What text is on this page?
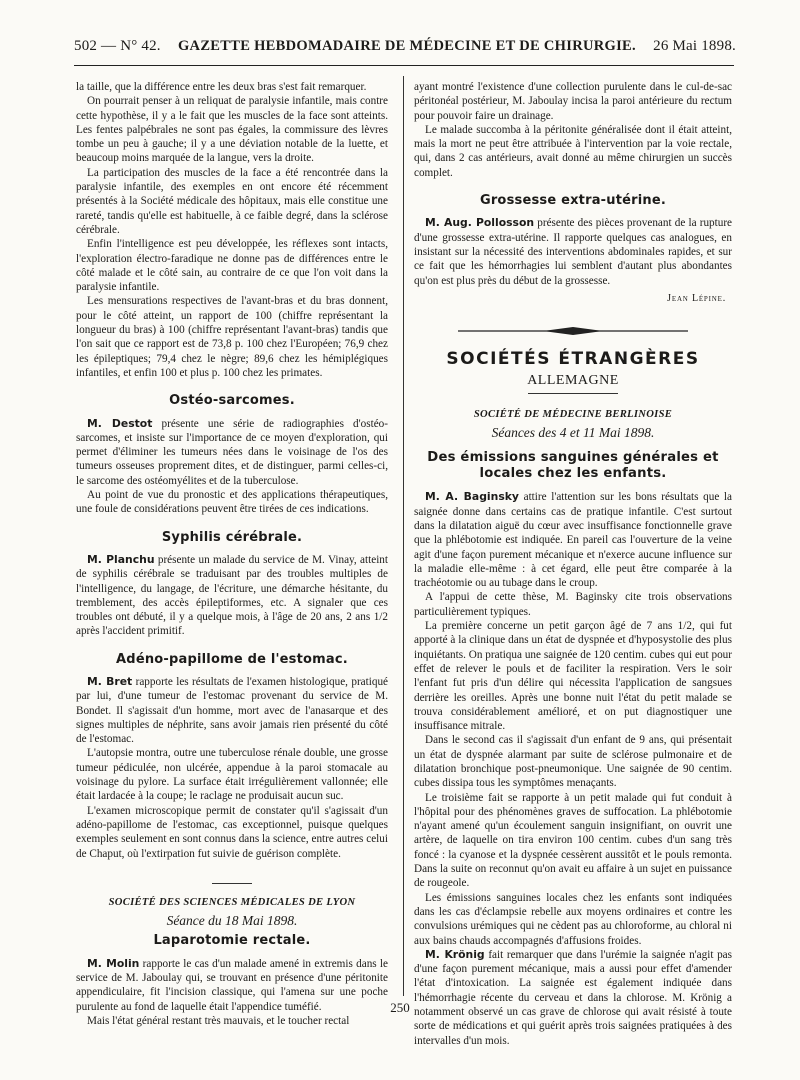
502 — N° 42. GAZETTE HEBDOMADAIRE DE MÉDECINE ET DE CHIRURGIE. 26 Mai 1898.

la taille, que la différence entre les deux bras s'est fait remarquer.

On pourrait penser à un reliquat de paralysie infantile, mais contre cette hypothèse, il y a le fait que les muscles de la face sont atteints. Les fentes palpébrales ne sont pas égales, la commissure des lèvres tombe un peu à gauche; il y a une déviation notable de la luette, et beaucoup moins marquée de la langue, vers la droite.

La participation des muscles de la face a été rencontrée dans la paralysie infantile, des exemples en ont encore été récemment présentés à la Société médicale des hôpitaux, mais elle constitue une rareté, tandis qu'elle est habituelle, à ce faible degré, dans la sclérose cérébrale.

Enfin l'intelligence est peu développée, les réflexes sont intacts, l'exploration électro-faradique ne donne pas de différences entre le côté malade et le côté sain, au contraire de ce que l'on voit dans la paralysie infantile.

Les mensurations respectives de l'avant-bras et du bras donnent, pour le côté atteint, un rapport de 100 (chiffre représentant la longueur du bras) à 100 (chiffre représentant l'avant-bras) tandis que l'on sait que ce rapport est de 73,8 p. 100 chez l'Européen; 76,9 chez les épileptiques; 79,4 chez le nègre; 89,6 chez les hémiplégiques infantiles, et enfin 100 et plus p. 100 chez les primates.

Ostéo-sarcomes.

M. Destot présente une série de radiographies d'ostéo-sarcomes, et insiste sur l'importance de ce moyen d'exploration, qui permet d'éliminer les tumeurs nées dans le voisinage de l'os des tumeurs osseuses proprement dites, et de distinguer, parmi celles-ci, le sarcome des ostéomyélites et de la tuberculose.

Au point de vue du pronostic et des applications thérapeutiques, une foule de considérations peuvent être tirées de ces indications.

Syphilis cérébrale.

M. Planchu présente un malade du service de M. Vinay, atteint de syphilis cérébrale se traduisant par des troubles multiples de l'intelligence, du langage, de l'écriture, une démarche hésitante, du tremblement, des accès épileptiformes, etc. A signaler que ces troubles ont débuté, il y a quelque mois, à l'âge de 20 ans, 2 ans 1/2 après l'accident primitif.

Adéno-papillome de l'estomac.

M. Bret rapporte les résultats de l'examen histologique, pratiqué par lui, d'une tumeur de l'estomac provenant du service de M. Bondet. Il s'agissait d'un homme, mort avec de l'anasarque et des signes multiples de néphrite, sans avoir jamais rien présenté du côté de l'estomac.

L'autopsie montra, outre une tuberculose rénale double, une grosse tumeur pédiculée, non ulcérée, appendue à la paroi stomacale au voisinage du pylore. La surface était irrégulièrement vallonnée; elle était lardacée à la coupe; le raclage ne produisait aucun suc.

L'examen microscopique permit de constater qu'il s'agissait d'un adéno-papillome de l'estomac, cas exceptionnel, puisque quelques exemples seulement en sont connus dans la science, entre autres celui de Chaput, où l'extirpation fut suivie de guérison complète.

SOCIÉTÉ DES SCIENCES MÉDICALES DE LYON
Séance du 18 Mai 1898.
Laparotomie rectale.

M. Molin rapporte le cas d'un malade amené in extremis dans le service de M. Jaboulay qui, se trouvant en présence d'une péritonite appendiculaire, fit l'incision classique, qui l'amena sur une poche purulente au fond de laquelle était l'appendice tuméfié.

Mais l'état général restant très mauvais, et le toucher rectal

ayant montré l'existence d'une collection purulente dans le cul-de-sac péritonéal postérieur, M. Jaboulay incisa la paroi antérieure du rectum pour pouvoir faire un drainage.

Le malade succomba à la péritonite généralisée dont il était atteint, mais la mort ne peut être attribuée à l'intervention par la voie rectale, qui, dans 2 cas antérieurs, avait donné au même chirurgien un succès complet.

Grossesse extra-utérine.

M. Aug. Pollosson présente des pièces provenant de la rupture d'une grossesse extra-utérine. Il rapporte quelques cas analogues, en insistant sur la nécessité des interventions abdominales rapides, et sur ce fait que les hémorrhagies lui semblent d'autant plus abondantes qu'on est plus près du début de la grossesse.

Jean Lépine.
SOCIÉTÉS ÉTRANGÈRES
ALLEMAGNE
SOCIÉTÉ DE MÉDECINE BERLINOISE
Séances des 4 et 11 Mai 1898.
Des émissions sanguines générales et locales chez les enfants.

M. A. Baginsky attire l'attention sur les bons résultats que la saignée donne dans certains cas de pratique infantile. C'est surtout dans la dilatation aiguë du cœur avec insuffisance fonctionnelle grave que la phlébotomie est indiquée. En pareil cas l'ouverture de la veine agit d'une façon purement mécanique et n'exerce aucune influence sur la maladie elle-même : à cet égard, elle peut être comparée à la trachéotomie ou au tubage dans le croup.

A l'appui de cette thèse, M. Baginsky cite trois observations particulièrement typiques.

La première concerne un petit garçon âgé de 7 ans 1/2, qui fut apporté à la clinique dans un état de dyspnée et d'hyposystolie des plus inquiétants. On pratiqua une saignée de 120 centim. cubes qui eut pour effet de relever le pouls et de faciliter la respiration. Vers le soir l'enfant fut pris d'un délire qui nécessita l'application de sangsues derrière les oreilles. Après une bonne nuit l'état du petit malade se trouva considérablement amélioré, et on put diagnostiquer une insuffisance mitrale.

Dans le second cas il s'agissait d'un enfant de 9 ans, qui présentait un état de dyspnée alarmant par suite de sclérose pulmonaire et de dilatation bronchique post-pneumonique. Une saignée de 90 centim. cubes dissipa tous les symptômes menaçants.

Le troisième fait se rapporte à un petit malade qui fut conduit à l'hôpital pour des phénomènes graves de suffocation. La phlébotomie n'ayant amené qu'un écoulement sanguin insignifiant, on ouvrit une artère, de laquelle on tira environ 100 centim. cubes d'un sang très foncé : la cyanose et la dyspnée cessèrent aussitôt et le pouls remonta. Dans la suite on reconnut qu'on avait eu affaire à un sujet en puissance de rougeole.

Les émissions sanguines locales chez les enfants sont indiquées dans les cas d'éclampsie rebelle aux moyens ordinaires et contre les convulsions urémiques qui ne cèdent pas au chloroforme, au chloral ni aux bains chauds accompagnés d'affusions froides.

M. Krönig fait remarquer que dans l'urémie la saignée n'agit pas d'une façon purement mécanique, mais a aussi pour effet d'amender l'état d'intoxication. La saignée est également indiquée dans l'hémorrhagie récente du cerveau et dans la chlorose. M. Krönig a notamment observé un cas grave de chlorose qui avait résisté à toute sorte de médications et qui guérit après trois saignées pratiquées à des intervalles d'un mois.

250
